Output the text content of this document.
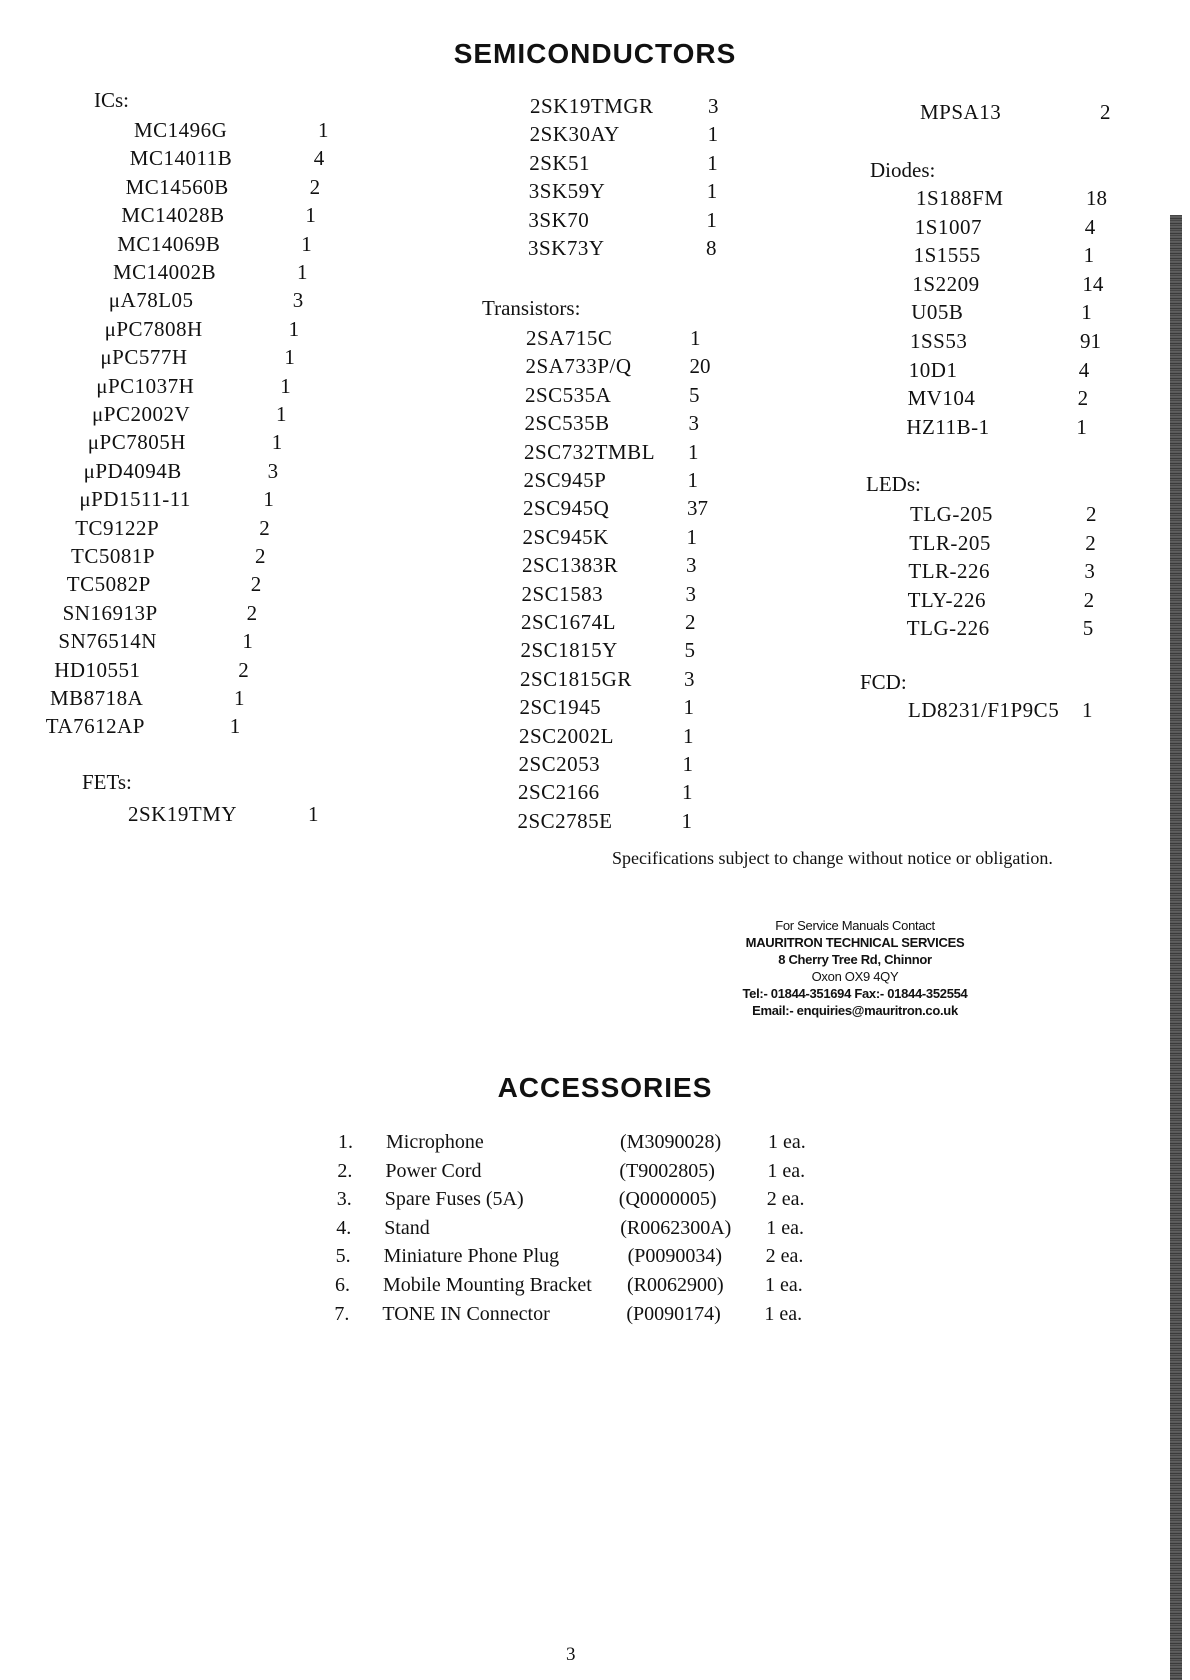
SEMICONDUCTORS
ICs:
MC1496G	1
MC14011B	4
MC14560B	2
MC14028B	1
MC14069B	1
MC14002B	1
μA78L05	3
μPC7808H	1
μPC577H	1
μPC1037H	1
μPC2002V	1
μPC7805H	1
μPD4094B	3
μPD1511-11	1
TC9122P	2
TC5081P	2
TC5082P	2
SN16913P	2
SN76514N	1
HD10551	2
MB8718A	1
TA7612AP	1
FETs:
2SK19TMY	1
2SK19TMGR	3
2SK30AY	1
2SK51	1
3SK59Y	1
3SK70	1
3SK73Y	8
Transistors:
2SA715C	1
2SA733P/Q	20
2SC535A	5
2SC535B	3
2SC732TMBL 1
2SC945P	1
2SC945Q	37
2SC945K	1
2SC1383R	3
2SC1583	3
2SC1674L	2
2SC1815Y	5
2SC1815GR 3
2SC1945	1
2SC2002L	1
2SC2053	1
2SC2166	1
2SC2785E	1
MPSA13	2
Diodes:
1S188FM	18
1S1007	4
1S1555	1
1S2209	14
U05B	1
1SS53	91
10D1	4
MV104	2
HZ11B-1	1
LEDs:
TLG-205	2
TLR-205	2
TLR-226	3
TLY-226	2
TLG-226	5
FCD:
LD8231/F1P9C5 1
Specifications subject to change without notice or obligation.
For Service Manuals Contact
MAURITRON TECHNICAL SERVICES
8 Cherry Tree Rd, Chinnor
Oxon OX9 4QY
Tel:- 01844-351694 Fax:- 01844-352554
Email:- enquiries@mauritron.co.uk
ACCESSORIES
1. Microphone	(M3090028) 1 ea.
2. Power Cord	(T9002805)	1 ea.
3. Spare Fuses (5A)	(Q0000005)	2 ea.
4. Stand	(R0062300A) 1 ea.
5. Miniature Phone Plug	(P0090034) 2 ea.
6. Mobile Mounting Bracket (R0062900) 1 ea.
7. TONE IN Connector	(P0090174) 1 ea.
3
